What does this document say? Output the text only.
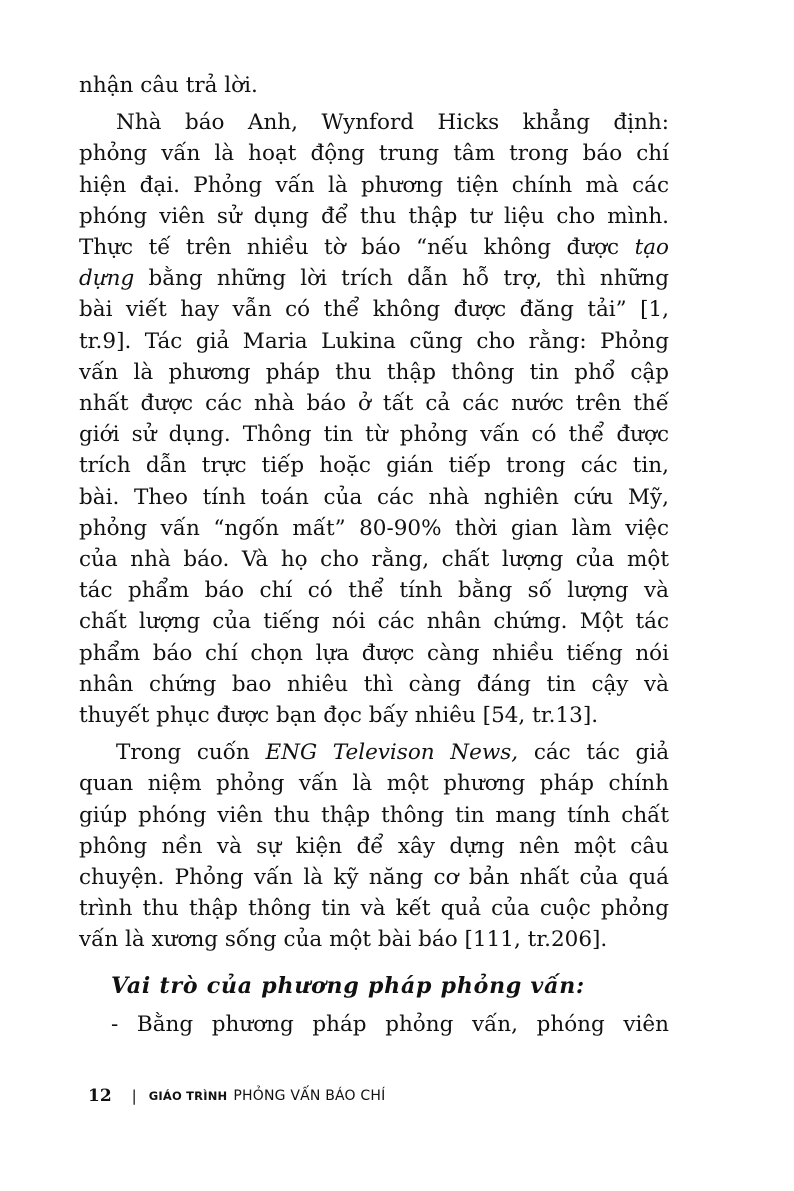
nhận câu trả lời.
Nhà báo Anh, Wynford Hicks khẳng định:
phỏng vấn là hoạt động trung tâm trong báo chí
hiện đại. Phỏng vấn là phương tiện chính mà các
phóng viên sử dụng để thu thập tư liệu cho mình.
Thực tế trên nhiều tờ báo “nếu không được tạo
dựng bằng những lời trích dẫn hỗ trợ, thì những
bài viết hay vẫn có thể không được đăng tải” [1,
tr.9]. Tác giả Maria Lukina cũng cho rằng: Phỏng
vấn là phương pháp thu thập thông tin phổ cập
nhất được các nhà báo ở tất cả các nước trên thế
giới sử dụng. Thông tin từ phỏng vấn có thể được
trích dẫn trực tiếp hoặc gián tiếp trong các tin,
bài. Theo tính toán của các nhà nghiên cứu Mỹ,
phỏng vấn “ngốn mất” 80-90% thời gian làm việc
của nhà báo. Và họ cho rằng, chất lượng của một
tác phẩm báo chí có thể tính bằng số lượng và
chất lượng của tiếng nói các nhân chứng. Một tác
phẩm báo chí chọn lựa được càng nhiều tiếng nói
nhân chứng bao nhiêu thì càng đáng tin cậy và
thuyết phục được bạn đọc bấy nhiêu [54, tr.13].
Trong cuốn ENG Televison News, các tác giả
quan niệm phỏng vấn là một phương pháp chính
giúp phóng viên thu thập thông tin mang tính chất
phông nền và sự kiện để xây dựng nên một câu
chuyện. Phỏng vấn là kỹ năng cơ bản nhất của quá
trình thu thập thông tin và kết quả của cuộc phỏng
vấn là xương sống của một bài báo [111, tr.206].
Vai trò của phương pháp phỏng vấn:
- Bằng phương pháp phỏng vấn, phóng viên
12 | GIÁO TRÌNH PHỎNG VẤN BÁO CHÍ
